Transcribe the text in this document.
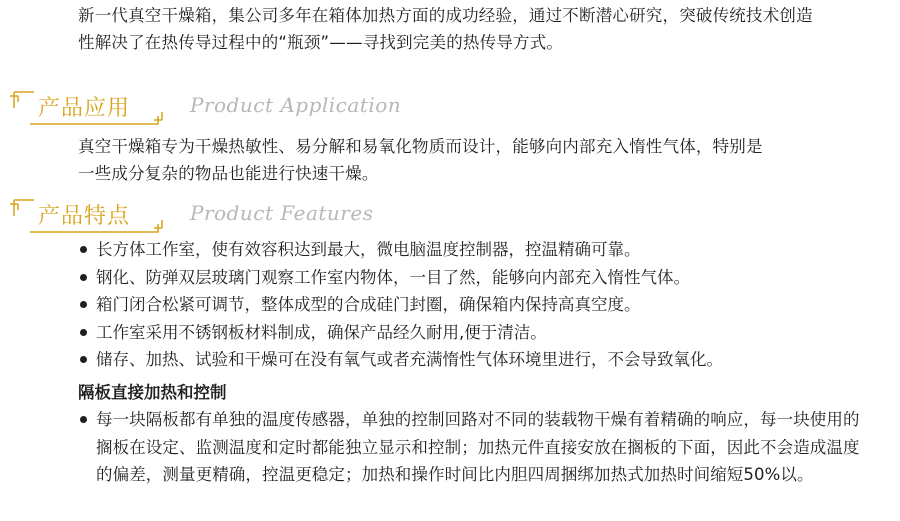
新一代真空干燥箱，集公司多年在箱体加热方面的成功经验，通过不断潜心研究，突破传统技术创造性解决了在热传导过程中的“瓶颈”——寻找到完美的热传导方式。
产品应用	Product Application
真空干燥箱专为干燥热敏性、易分解和易氧化物质而设计，能够向内部充入惰性气体，特别是一些成分复杂的物品也能进行快速干燥。
产品特点	Product Features
长方体工作室，使有效容积达到最大，微电脑温度控制器，控温精确可靠。
钢化、防弹双层玻璃门观察工作室内物体，一目了然，能够向内部充入惰性气体。
箱门闭合松紧可调节，整体成型的合成硅门封圈，确保箱内保持高真空度。
工作室采用不锈钢板材料制成，确保产品经久耐用,便于清洁。
储存、加热、试验和干燥可在没有氧气或者充满惰性气体环境里进行，不会导致氧化。
隔板直接加热和控制
每一块隔板都有单独的温度传感器，单独的控制回路对不同的装载物干燥有着精确的响应，每一块使用的搁板在设定、监测温度和定时都能独立显示和控制；加热元件直接安放在搁板的下面，因此不会造成温度的偏差，测量更精确，控温更稳定；加热和操作时间比内胆四周捆绑加热式加热时间缩短50%以。
